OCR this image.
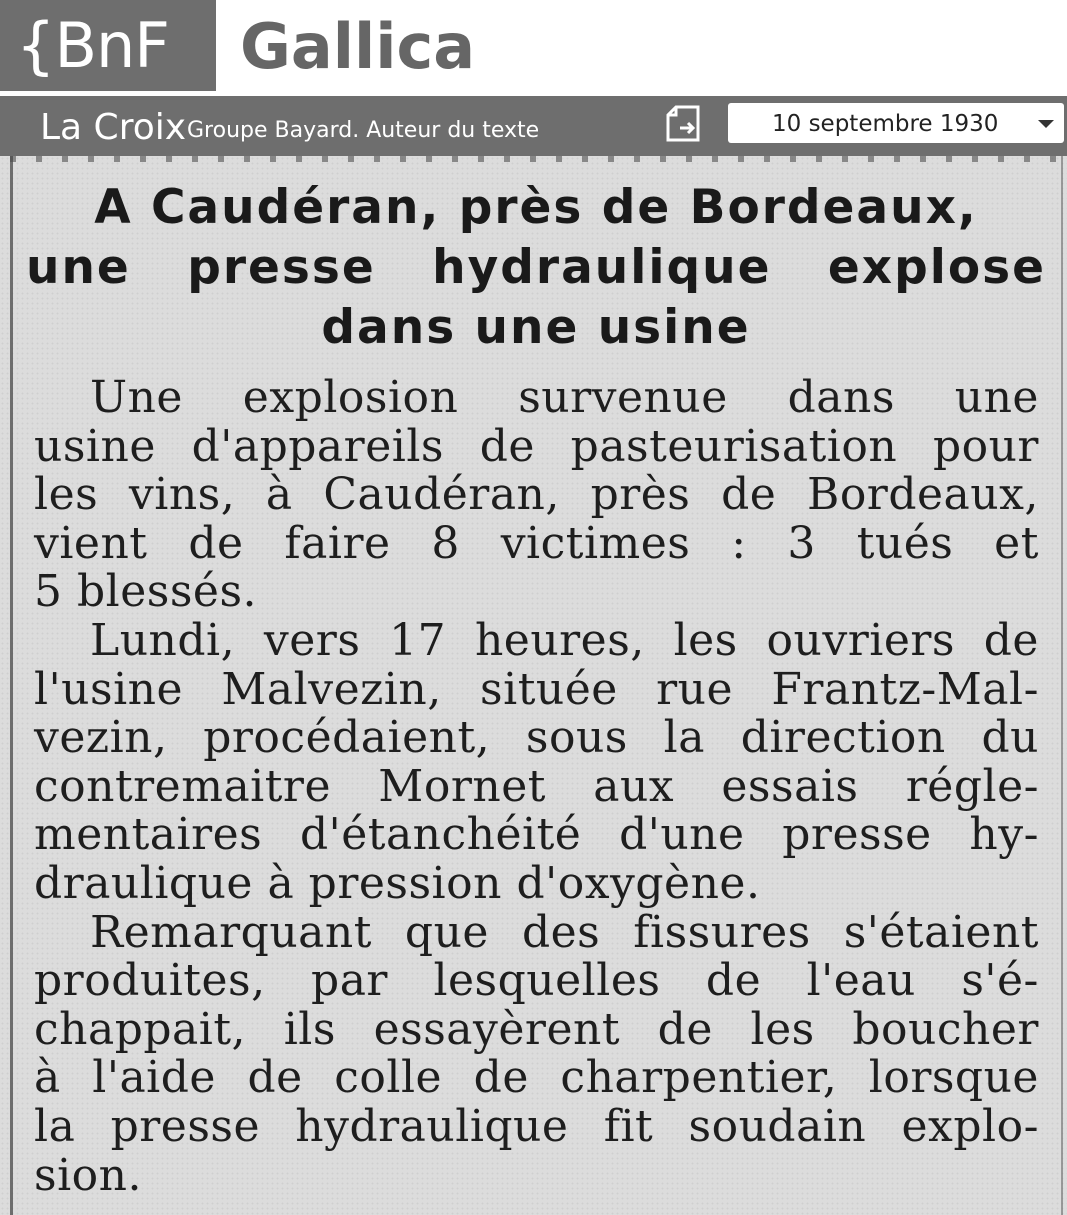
{BnF	Gallica
La Croix Groupe Bayard. Auteur du texte	10 septembre 1930
A Caudéran, près de Bordeaux,
une presse hydraulique explose
dans une usine
Une explosion survenue dans une
usine d'appareils de pasteurisation pour
les vins, à Caudéran, près de Bordeaux,
vient de faire 8 victimes : 3 tués et
5 blessés.
Lundi, vers 17 heures, les ouvriers de
l'usine Malvezin, située rue Frantz-Mal-
vezin, procédaient, sous la direction du
contremaitre Mornet aux essais régle-
mentaires d'étanchéité d'une presse hy-
draulique à pression d'oxygène.
Remarquant que des fissures s'étaient
produites, par lesquelles de l'eau s'é-
chappait, ils essayèrent de les boucher
à l'aide de colle de charpentier, lorsque
la presse hydraulique fit soudain explo-
sion.
